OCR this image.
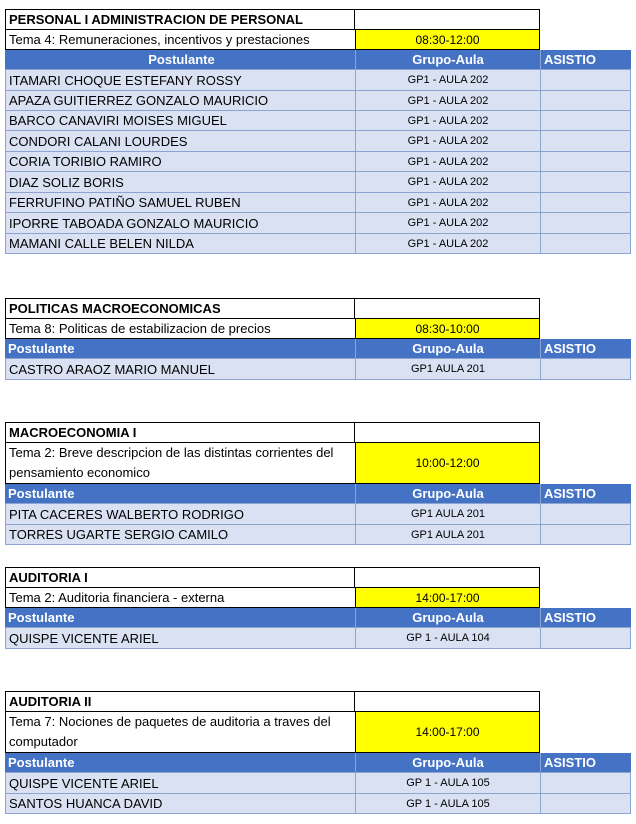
PERSONAL I ADMINISTRACION DE PERSONAL
Tema 4: Remuneraciones, incentivos y prestaciones	08:30-12:00
Postulante	Grupo-Aula	ASISTIO
ITAMARI CHOQUE ESTEFANY ROSSY	GP1 - AULA 202
APAZA GUITIERREZ GONZALO MAURICIO	GP1 - AULA 202
BARCO CANAVIRI MOISES MIGUEL	GP1 - AULA 202
CONDORI CALANI LOURDES	GP1 - AULA 202
CORIA TORIBIO RAMIRO	GP1 - AULA 202
DIAZ SOLIZ BORIS	GP1 - AULA 202
FERRUFINO PATIÑO SAMUEL RUBEN	GP1 - AULA 202
IPORRE TABOADA GONZALO MAURICIO	GP1 - AULA 202
MAMANI CALLE BELEN NILDA	GP1 - AULA 202
POLITICAS MACROECONOMICAS
Tema 8: Politicas de estabilizacion de precios	08:30-10:00
Postulante	Grupo-Aula	ASISTIO
CASTRO ARAOZ MARIO MANUEL	GP1 AULA 201
MACROECONOMIA I
Tema 2: Breve descripcion de las distintas corrientes del pensamiento economico
10:00-12:00
Postulante	Grupo-Aula	ASISTIO
PITA CACERES WALBERTO RODRIGO	GP1 AULA 201
TORRES UGARTE SERGIO CAMILO	GP1 AULA 201
AUDITORIA I
Tema 2: Auditoria financiera - externa	14:00-17:00
Postulante	Grupo-Aula	ASISTIO
QUISPE VICENTE ARIEL	GP 1 - AULA 104
AUDITORIA II
Tema 7: Nociones de paquetes de auditoria a traves del computador
14:00-17:00
Postulante	Grupo-Aula	ASISTIO
QUISPE VICENTE ARIEL	GP 1 - AULA 105
SANTOS HUANCA DAVID	GP 1 - AULA 105
